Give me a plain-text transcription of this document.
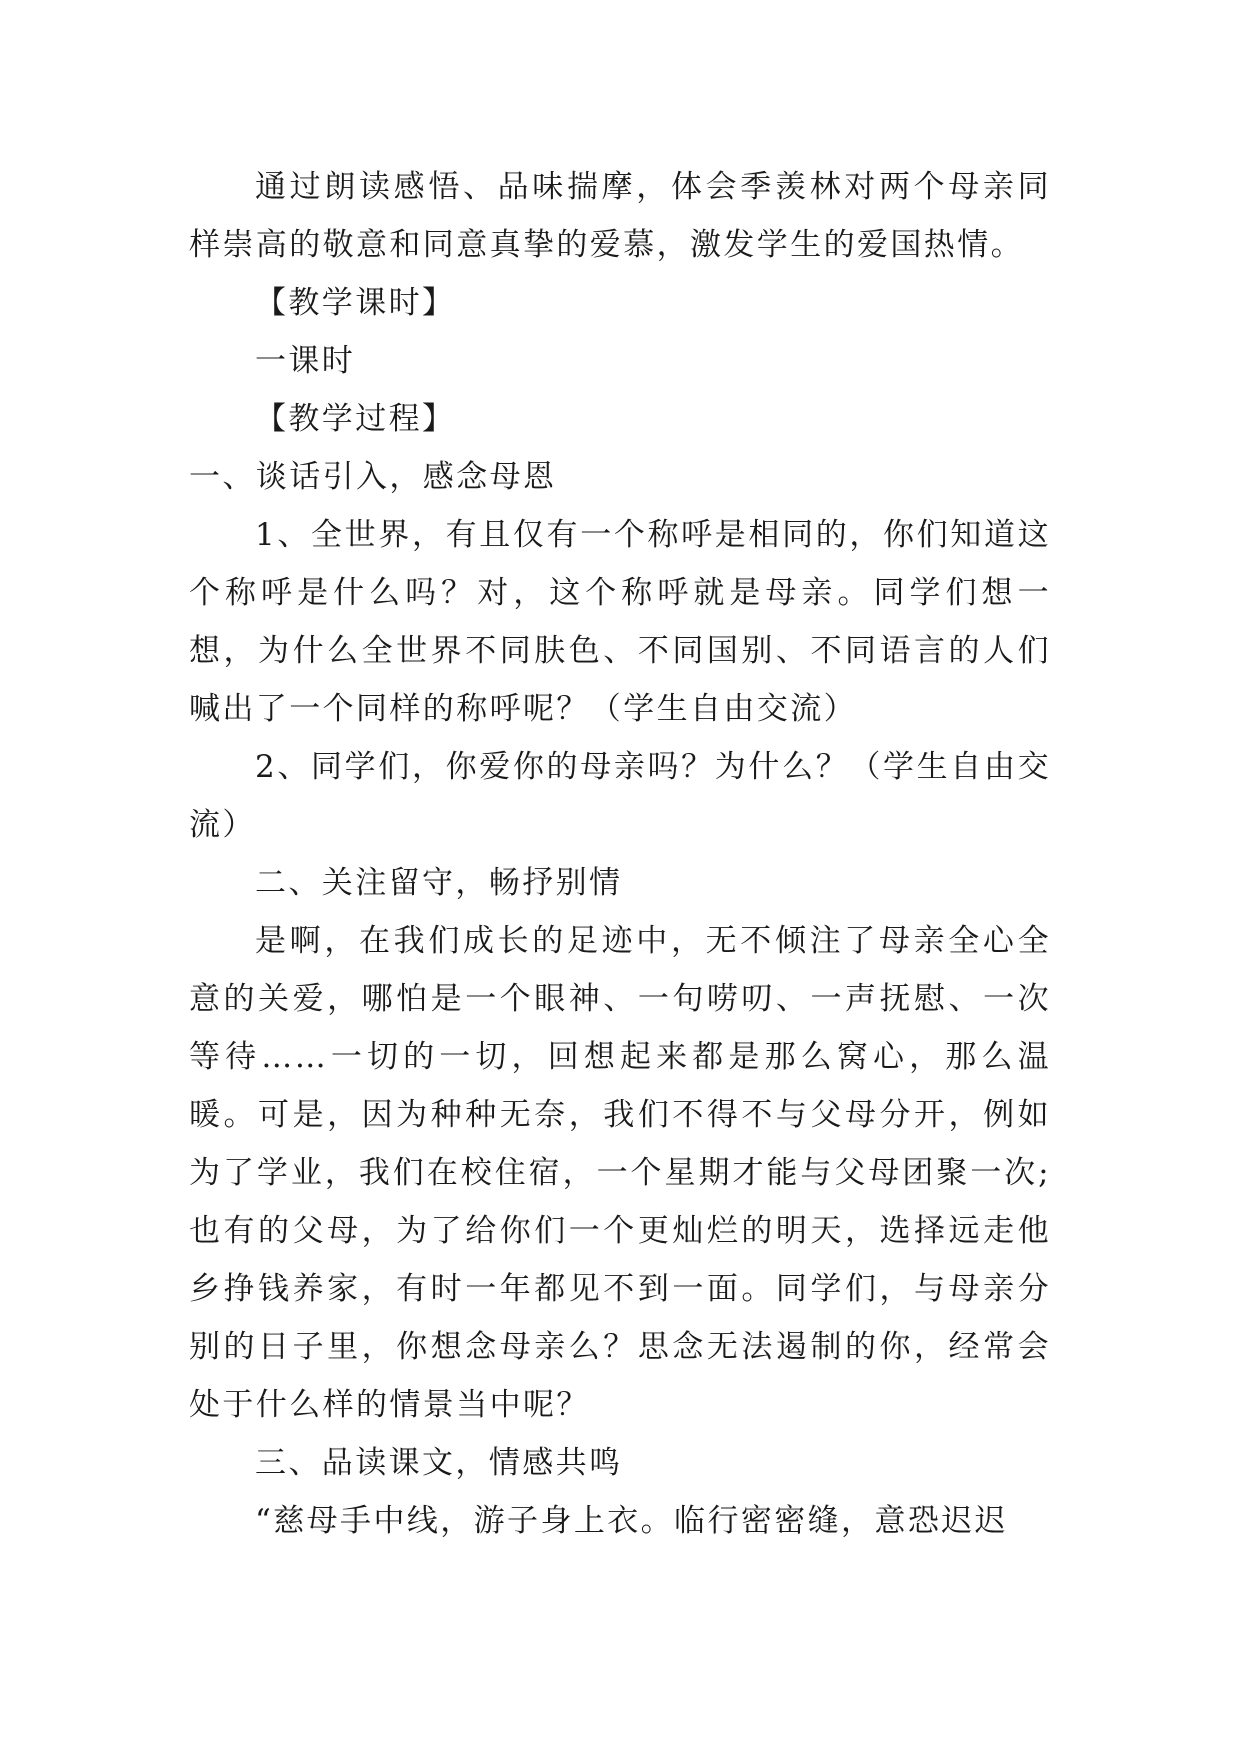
通过朗读感悟、品味揣摩，体会季羡林对两个母亲同样崇高的敬意和同意真挚的爱慕，激发学生的爱国热情。

【教学课时】

一课时

【教学过程】

一、谈话引入，感念母恩

1、全世界，有且仅有一个称呼是相同的，你们知道这个称呼是什么吗？对，这个称呼就是母亲。同学们想一想，为什么全世界不同肤色、不同国别、不同语言的人们喊出了一个同样的称呼呢？（学生自由交流）

2、同学们，你爱你的母亲吗？为什么？（学生自由交流）

二、关注留守，畅抒别情

是啊，在我们成长的足迹中，无不倾注了母亲全心全意的关爱，哪怕是一个眼神、一句唠叨、一声抚慰、一次等待……一切的一切，回想起来都是那么窝心，那么温暖。可是，因为种种无奈，我们不得不与父母分开，例如为了学业，我们在校住宿，一个星期才能与父母团聚一次;也有的父母，为了给你们一个更灿烂的明天，选择远走他乡挣钱养家，有时一年都见不到一面。同学们，与母亲分别的日子里，你想念母亲么？思念无法遏制的你，经常会处于什么样的情景当中呢？

三、品读课文，情感共鸣

“慈母手中线，游子身上衣。临行密密缝，意恐迟迟
